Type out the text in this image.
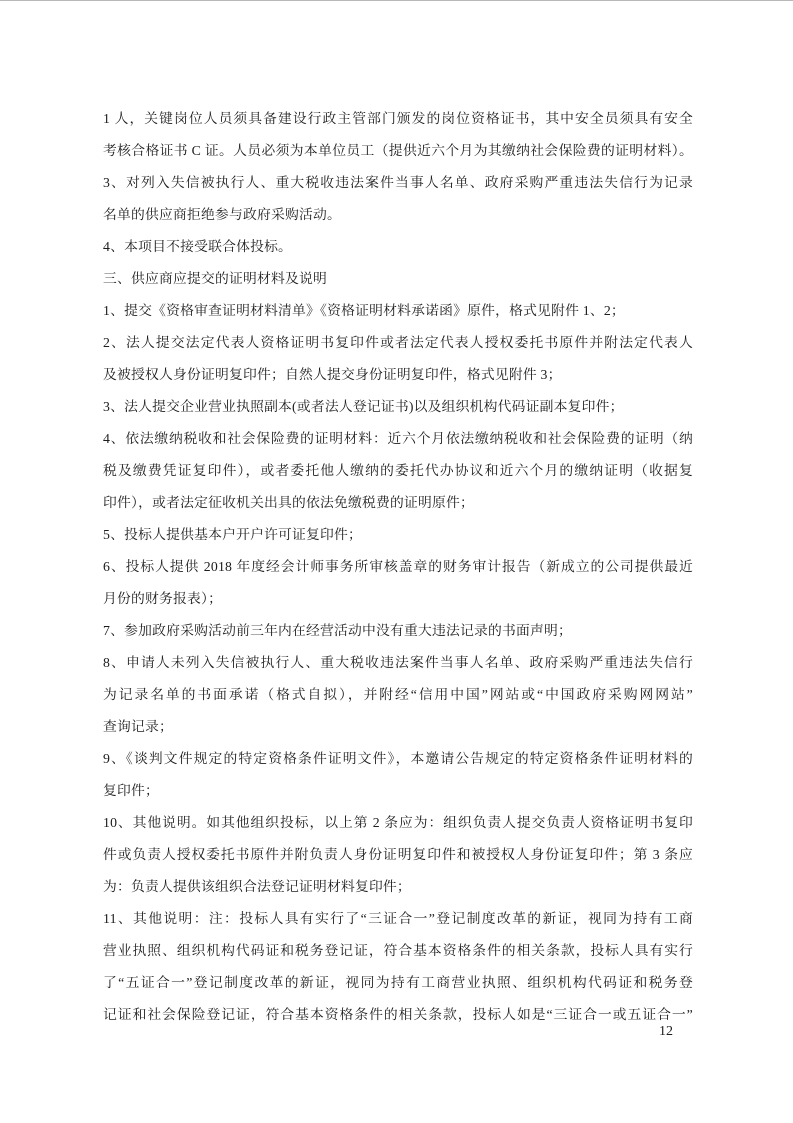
1 人，关键岗位人员须具备建设行政主管部门颁发的岗位资格证书，其中安全员须具有安全
考核合格证书 C 证。人员必须为本单位员工（提供近六个月为其缴纳社会保险费的证明材料）。
3、对列入失信被执行人、重大税收违法案件当事人名单、政府采购严重违法失信行为记录
名单的供应商拒绝参与政府采购活动。
4、本项目不接受联合体投标。
三、供应商应提交的证明材料及说明
1、提交《资格审查证明材料清单》《资格证明材料承诺函》原件，格式见附件 1、2；
2、法人提交法定代表人资格证明书复印件或者法定代表人授权委托书原件并附法定代表人
及被授权人身份证明复印件；自然人提交身份证明复印件，格式见附件 3；
3、法人提交企业营业执照副本(或者法人登记证书)以及组织机构代码证副本复印件；
4、依法缴纳税收和社会保险费的证明材料：近六个月依法缴纳税收和社会保险费的证明（纳
税及缴费凭证复印件），或者委托他人缴纳的委托代办协议和近六个月的缴纳证明（收据复
印件），或者法定征收机关出具的依法免缴税费的证明原件；
5、投标人提供基本户开户许可证复印件；
6、投标人提供 2018 年度经会计师事务所审核盖章的财务审计报告（新成立的公司提供最近
月份的财务报表）；
7、参加政府采购活动前三年内在经营活动中没有重大违法记录的书面声明；
8、申请人未列入失信被执行人、重大税收违法案件当事人名单、政府采购严重违法失信行
为记录名单的书面承诺（格式自拟），并附经“信用中国”网站或“中国政府采购网网站”
查询记录；
9、《谈判文件规定的特定资格条件证明文件》，本邀请公告规定的特定资格条件证明材料的
复印件；
10、其他说明。如其他组织投标，以上第 2 条应为：组织负责人提交负责人资格证明书复印
件或负责人授权委托书原件并附负责人身份证明复印件和被授权人身份证复印件；第 3 条应
为：负责人提供该组织合法登记证明材料复印件；
11、其他说明：注：投标人具有实行了“三证合一”登记制度改革的新证，视同为持有工商
营业执照、组织机构代码证和税务登记证，符合基本资格条件的相关条款，投标人具有实行
了“五证合一”登记制度改革的新证，视同为持有工商营业执照、组织机构代码证和税务登
记证和社会保险登记证，符合基本资格条件的相关条款，投标人如是“三证合一或五证合一”
12
